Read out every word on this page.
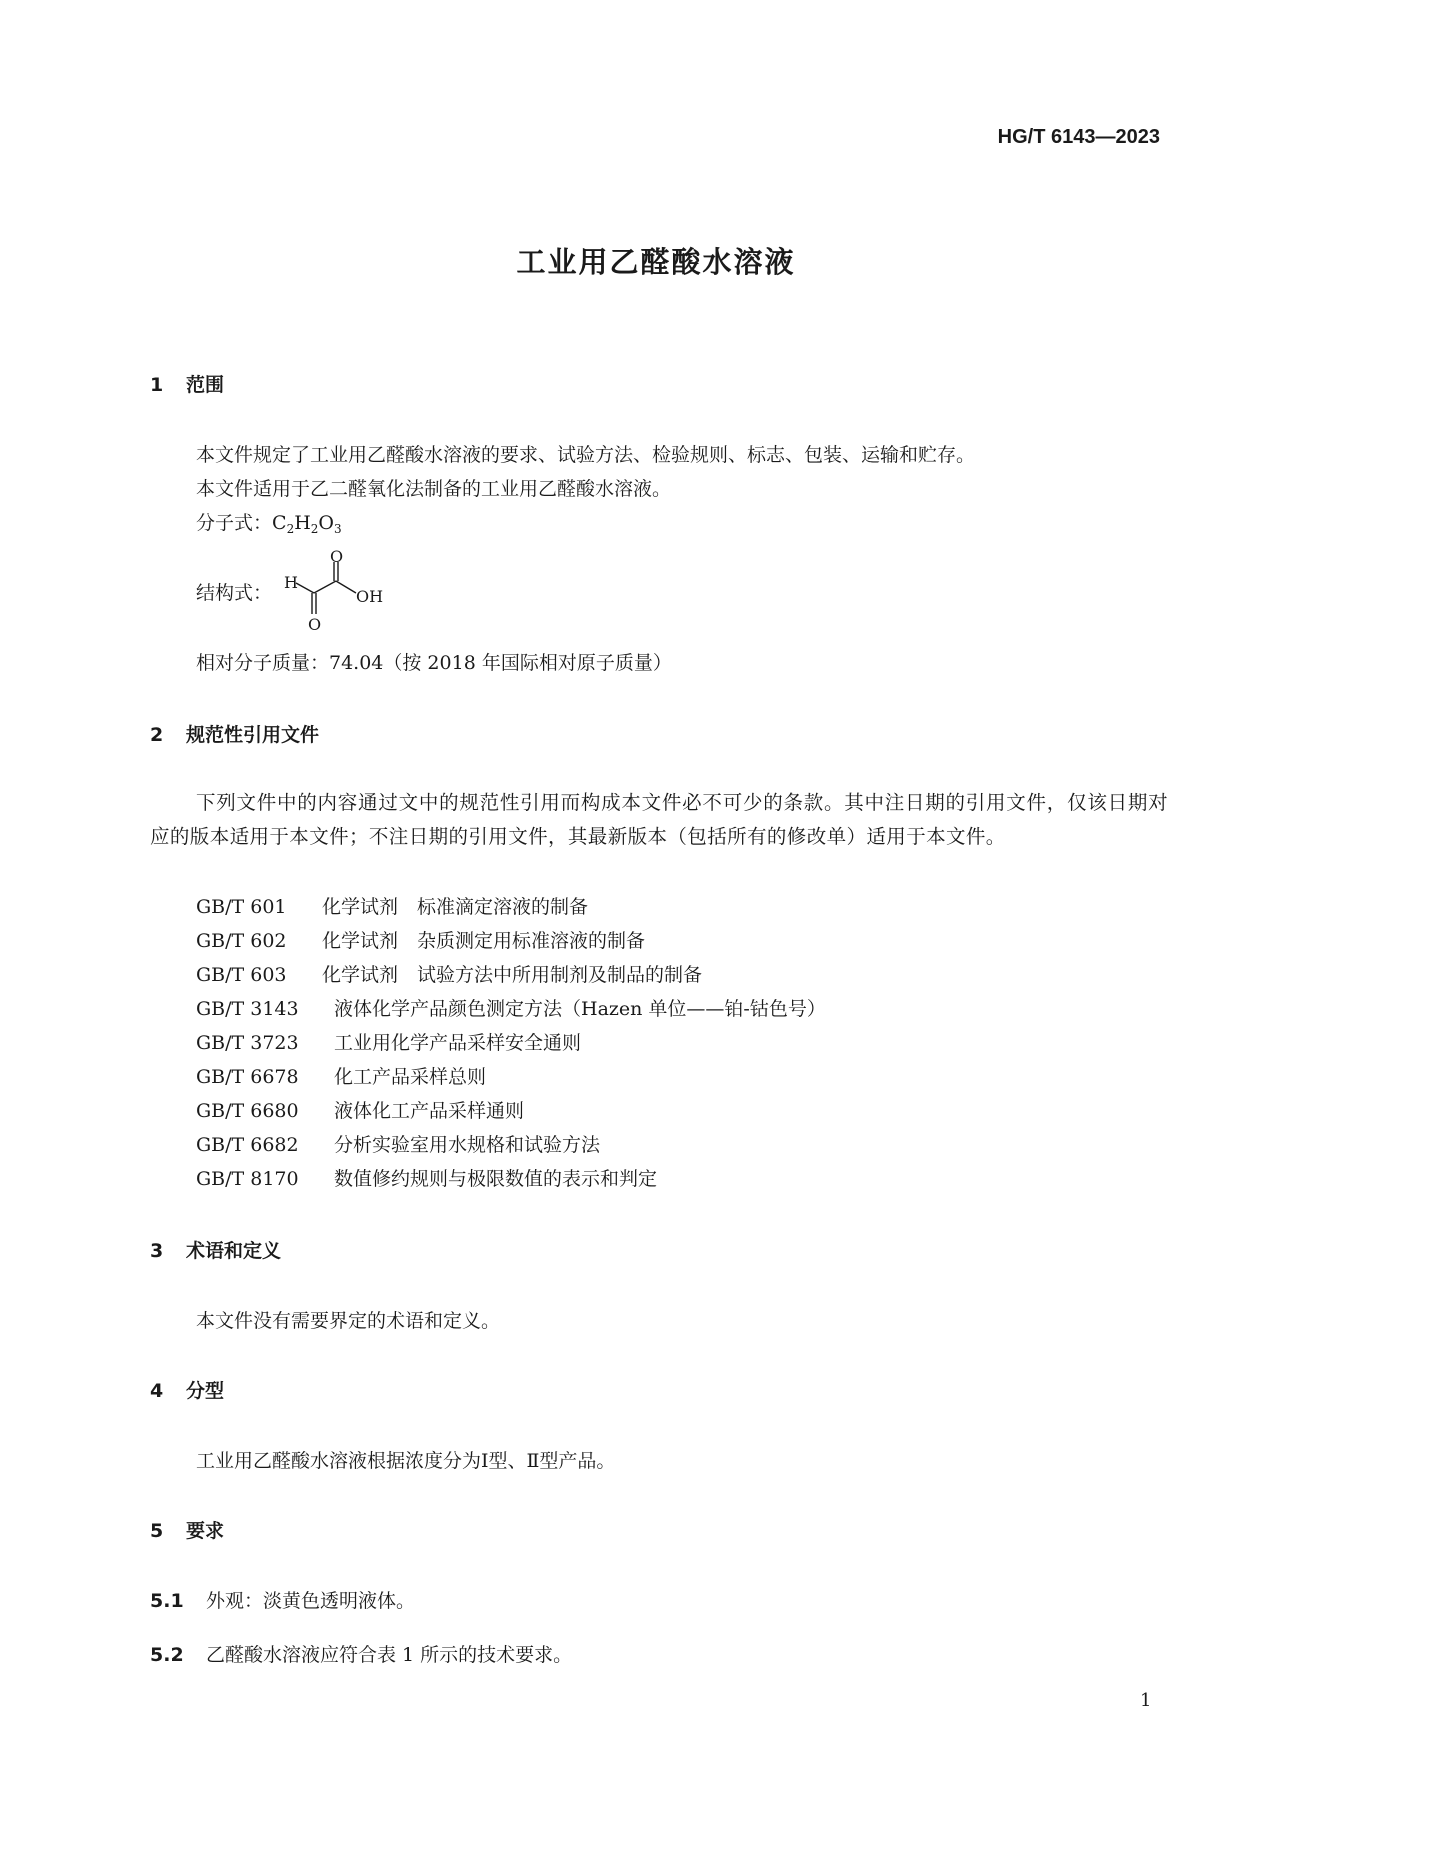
HG/T 6143—2023
工业用乙醛酸水溶液
1 范围
本文件规定了工业用乙醛酸水溶液的要求、试验方法、检验规则、标志、包装、运输和贮存。
本文件适用于乙二醛氧化法制备的工业用乙醛酸水溶液。
分子式：$C_2H_2O_3$
结构式： H
O
OH
O
相对分子质量：74.04（按 2018 年国际相对原子质量）
2 规范性引用文件
下列文件中的内容通过文中的规范性引用而构成本文件必不可少的条款。其中注日期的引用文件，仅该日期对应的版本适用于本文件；不注日期的引用文件，其最新版本（包括所有的修改单）适用于本文件。
GB/T 601 化学试剂　标准滴定溶液的制备
GB/T 602 化学试剂　杂质测定用标准溶液的制备
GB/T 603 化学试剂　试验方法中所用制剂及制品的制备
GB/T 3143 液体化学产品颜色测定方法（Hazen 单位——铂-钴色号）
GB/T 3723 工业用化学产品采样安全通则
GB/T 6678 化工产品采样总则
GB/T 6680 液体化工产品采样通则
GB/T 6682 分析实验室用水规格和试验方法
GB/T 8170 数值修约规则与极限数值的表示和判定
3 术语和定义
本文件没有需要界定的术语和定义。
4 分型
工业用乙醛酸水溶液根据浓度分为Ⅰ型、Ⅱ型产品。
5 要求
5.1 外观：淡黄色透明液体。
5.2 乙醛酸水溶液应符合表 1 所示的技术要求。
1
